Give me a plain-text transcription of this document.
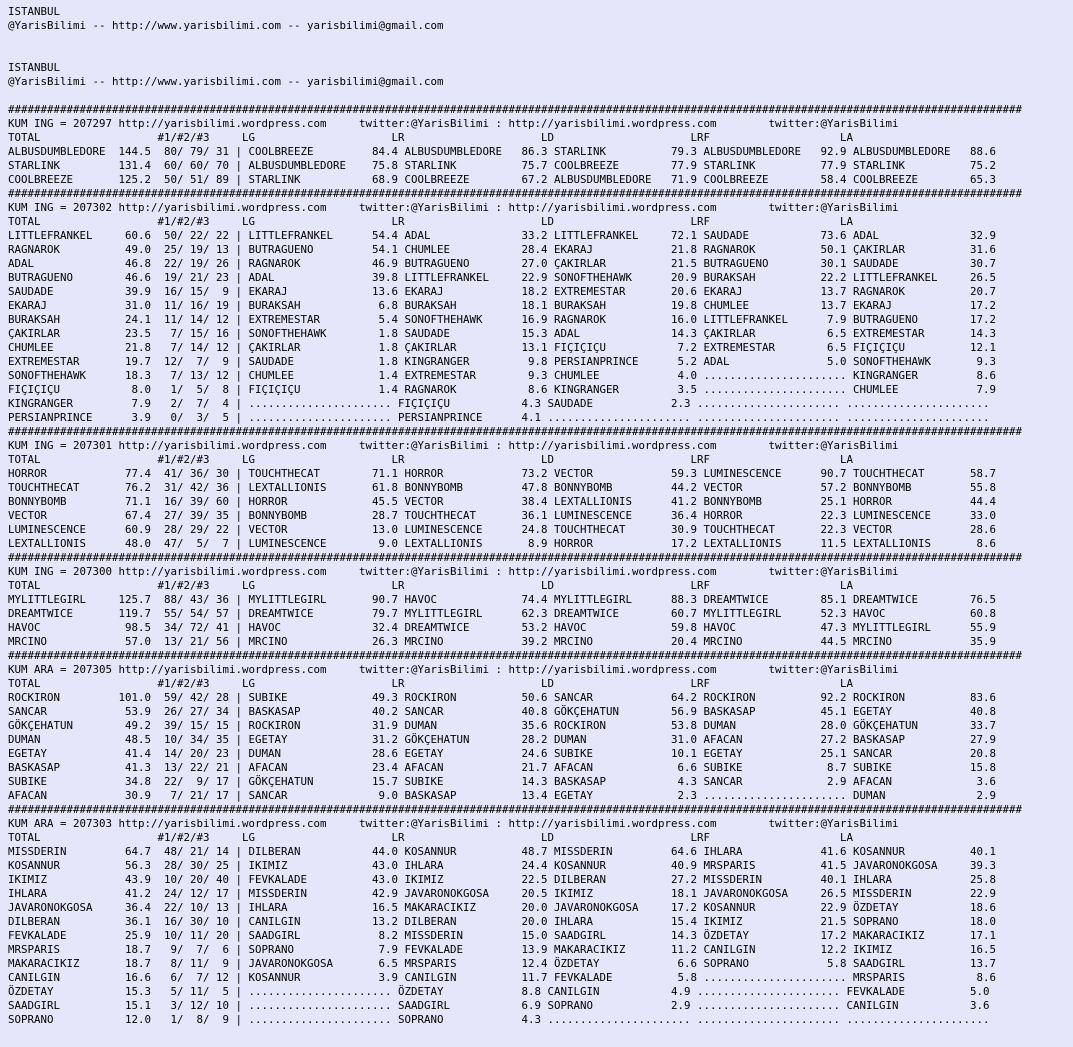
ISTANBUL
@YarisBilimi -- http://www.yarisbilimi.com -- yarisbilimi@gmail.com
ISTANBUL
@YarisBilimi -- http://www.yarisbilimi.com -- yarisbilimi@gmail.com
############################################################################################################################################################
KUM ING = 207297 http://yarisbilimi.wordpress.com     twitter:@YarisBilimi : http://yarisbilimi.wordpress.com        twitter:@YarisBilimi
TOTAL                  #1/#2/#3     LG                     LR                     LD                     LRF                    LA
ALBUSDUMBLEDORE  144.5  80/ 79/ 31 | COOLBREEZE         84.4 ALBUSDUMBLEDORE   86.3 STARLINK          79.3 ALBUSDUMBLEDORE   92.9 ALBUSDUMBLEDORE   88.6
STARLINK         131.4  60/ 60/ 70 | ALBUSDUMBLEDORE    75.8 STARLINK          75.7 COOLBREEZE        77.9 STARLINK          77.9 STARLINK          75.2
COOLBREEZE       125.2  50/ 51/ 89 | STARLINK           68.9 COOLBREEZE        67.2 ALBUSDUMBLEDORE   71.9 COOLBREEZE        58.4 COOLBREEZE        65.3
############################################################################################################################################################
KUM ING = 207302 http://yarisbilimi.wordpress.com     twitter:@YarisBilimi : http://yarisbilimi.wordpress.com        twitter:@YarisBilimi
TOTAL                  #1/#2/#3     LG                     LR                     LD                     LRF                    LA
LITTLEFRANKEL     60.6  50/ 22/ 22 | LITTLEFRANKEL      54.4 ADAL              33.2 LITTLEFRANKEL     72.1 SAUDADE           73.6 ADAL              32.9
RAGNAROK          49.0  25/ 19/ 13 | BUTRAGUENO         54.1 CHUMLEE           28.4 EKARAJ            21.8 RAGNAROK          50.1 ÇAKIRLAR          31.6
ADAL              46.8  22/ 19/ 26 | RAGNAROK           46.9 BUTRAGUENO        27.0 ÇAKIRLAR          21.5 BUTRAGUENO        30.1 SAUDADE           30.7
BUTRAGUENO        46.6  19/ 21/ 23 | ADAL               39.8 LITTLEFRANKEL     22.9 SONOFTHEHAWK      20.9 BURAKSAH          22.2 LITTLEFRANKEL     26.5
SAUDADE           39.9  16/ 15/  9 | EKARAJ             13.6 EKARAJ            18.2 EXTREMESTAR       20.6 EKARAJ            13.7 RAGNAROK          20.7
EKARAJ            31.0  11/ 16/ 19 | BURAKSAH            6.8 BURAKSAH          18.1 BURAKSAH          19.8 CHUMLEE           13.7 EKARAJ            17.2
BURAKSAH          24.1  11/ 14/ 12 | EXTREMESTAR         5.4 SONOFTHEHAWK      16.9 RAGNAROK          16.0 LITTLEFRANKEL      7.9 BUTRAGUENO        17.2
ÇAKIRLAR          23.5   7/ 15/ 16 | SONOFTHEHAWK        1.8 SAUDADE           15.3 ADAL              14.3 ÇAKIRLAR           6.5 EXTREMESTAR       14.3
CHUMLEE           21.8   7/ 14/ 12 | ÇAKIRLAR            1.8 ÇAKIRLAR          13.1 FIÇIÇIÇU           7.2 EXTREMESTAR        6.5 FIÇIÇIÇU          12.1
EXTREMESTAR       19.7  12/  7/  9 | SAUDADE             1.8 KINGRANGER         9.8 PERSIANPRINCE      5.2 ADAL               5.0 SONOFTHEHAWK       9.3
SONOFTHEHAWK      18.3   7/ 13/ 12 | CHUMLEE             1.4 EXTREMESTAR        9.3 CHUMLEE            4.0 ...................... KINGRANGER         8.6
FIÇIÇIÇU           8.0   1/  5/  8 | FIÇIÇIÇU            1.4 RAGNAROK           8.6 KINGRANGER         3.5 ...................... CHUMLEE            7.9
KINGRANGER         7.9   2/  7/  4 | ...................... FIÇIÇIÇU           4.3 SAUDADE            2.3 ...................... ......................
PERSIANPRINCE      3.9   0/  3/  5 | ...................... PERSIANPRINCE      4.1 ...................... ...................... ......................
############################################################################################################################################################
KUM ING = 207301 http://yarisbilimi.wordpress.com     twitter:@YarisBilimi : http://yarisbilimi.wordpress.com        twitter:@YarisBilimi
TOTAL                  #1/#2/#3     LG                     LR                     LD                     LRF                    LA
HORROR            77.4  41/ 36/ 30 | TOUCHTHECAT        71.1 HORROR            73.2 VECTOR            59.3 LUMINESCENCE      90.7 TOUCHTHECAT       58.7
TOUCHTHECAT       76.2  31/ 42/ 36 | LEXTALLIONIS       61.8 BONNYBOMB         47.8 BONNYBOMB         44.2 VECTOR            57.2 BONNYBOMB         55.8
BONNYBOMB         71.1  16/ 39/ 60 | HORROR             45.5 VECTOR            38.4 LEXTALLIONIS      41.2 BONNYBOMB         25.1 HORROR            44.4
VECTOR            67.4  27/ 39/ 35 | BONNYBOMB          28.7 TOUCHTHECAT       36.1 LUMINESCENCE      36.4 HORROR            22.3 LUMINESCENCE      33.0
LUMINESCENCE      60.9  28/ 29/ 22 | VECTOR             13.0 LUMINESCENCE      24.8 TOUCHTHECAT       30.9 TOUCHTHECAT       22.3 VECTOR            28.6
LEXTALLIONIS      48.0  47/  5/  7 | LUMINESCENCE        9.0 LEXTALLIONIS       8.9 HORROR            17.2 LEXTALLIONIS      11.5 LEXTALLIONIS       8.6
############################################################################################################################################################
KUM ING = 207300 http://yarisbilimi.wordpress.com     twitter:@YarisBilimi : http://yarisbilimi.wordpress.com        twitter:@YarisBilimi
TOTAL                  #1/#2/#3     LG                     LR                     LD                     LRF                    LA
MYLITTLEGIRL     125.7  88/ 43/ 36 | MYLITTLEGIRL       90.7 HAVOC             74.4 MYLITTLEGIRL      88.3 DREAMTWICE        85.1 DREAMTWICE        76.5
DREAMTWICE       119.7  55/ 54/ 57 | DREAMTWICE         79.7 MYLITTLEGIRL      62.3 DREAMTWICE        60.7 MYLITTLEGIRL      52.3 HAVOC             60.8
HAVOC             98.5  34/ 72/ 41 | HAVOC              32.4 DREAMTWICE        53.2 HAVOC             59.8 HAVOC             47.3 MYLITTLEGIRL      55.9
MRCINO            57.0  13/ 21/ 56 | MRCINO             26.3 MRCINO            39.2 MRCINO            20.4 MRCINO            44.5 MRCINO            35.9
############################################################################################################################################################
KUM ARA = 207305 http://yarisbilimi.wordpress.com     twitter:@YarisBilimi : http://yarisbilimi.wordpress.com        twitter:@YarisBilimi
TOTAL                  #1/#2/#3     LG                     LR                     LD                     LRF                    LA
ROCKIRON         101.0  59/ 42/ 28 | SUBIKE             49.3 ROCKIRON          50.6 SANCAR            64.2 ROCKIRON          92.2 ROCKIRON          83.6
SANCAR            53.9  26/ 27/ 34 | BASKASAP           40.2 SANCAR            40.8 GÖKÇEHATUN        56.9 BASKASAP          45.1 EGETAY            40.8
GÖKÇEHATUN        49.2  39/ 15/ 15 | ROCKIRON           31.9 DUMAN             35.6 ROCKIRON          53.8 DUMAN             28.0 GÖKÇEHATUN        33.7
DUMAN             48.5  10/ 34/ 35 | EGETAY             31.2 GÖKÇEHATUN        28.2 DUMAN             31.0 AFACAN            27.2 BASKASAP          27.9
EGETAY            41.4  14/ 20/ 23 | DUMAN              28.6 EGETAY            24.6 SUBIKE            10.1 EGETAY            25.1 SANCAR            20.8
BASKASAP          41.3  13/ 22/ 21 | AFACAN             23.4 AFACAN            21.7 AFACAN             6.6 SUBIKE             8.7 SUBIKE            15.8
SUBIKE            34.8  22/  9/ 17 | GÖKÇEHATUN         15.7 SUBIKE            14.3 BASKASAP           4.3 SANCAR             2.9 AFACAN             3.6
AFACAN            30.9   7/ 21/ 17 | SANCAR              9.0 BASKASAP          13.4 EGETAY             2.3 ...................... DUMAN              2.9
############################################################################################################################################################
KUM ARA = 207303 http://yarisbilimi.wordpress.com     twitter:@YarisBilimi : http://yarisbilimi.wordpress.com        twitter:@YarisBilimi
TOTAL                  #1/#2/#3     LG                     LR                     LD                     LRF                    LA
MISSDERIN         64.7  48/ 21/ 14 | DILBERAN           44.0 KOSANNUR          48.7 MISSDERIN         64.6 IHLARA            41.6 KOSANNUR          40.1
KOSANNUR          56.3  28/ 30/ 25 | IKIMIZ             43.0 IHLARA            24.4 KOSANNUR          40.9 MRSPARIS          41.5 JAVARONOKGOSA     39.3
IKIMIZ            43.9  10/ 20/ 40 | FEVKALADE          43.0 IKIMIZ            22.5 DILBERAN          27.2 MISSDERIN         40.1 IHLARA            25.8
IHLARA            41.2  24/ 12/ 17 | MISSDERIN          42.9 JAVARONOKGOSA     20.5 IKIMIZ            18.1 JAVARONOKGOSA     26.5 MISSDERIN         22.9
JAVARONOKGOSA     36.4  22/ 10/ 13 | IHLARA             16.5 MAKARACIKIZ       20.0 JAVARONOKGOSA     17.2 KOSANNUR          22.9 ÖZDETAY           18.6
DILBERAN          36.1  16/ 30/ 10 | CANILGIN           13.2 DILBERAN          20.0 IHLARA            15.4 IKIMIZ            21.5 SOPRANO           18.0
FEVKALADE         25.9  10/ 11/ 20 | SAADGIRL            8.2 MISSDERIN         15.0 SAADGIRL          14.3 ÖZDETAY           17.2 MAKARACIKIZ       17.1
MRSPARIS          18.7   9/  7/  6 | SOPRANO             7.9 FEVKALADE         13.9 MAKARACIKIZ       11.2 CANILGIN          12.2 IKIMIZ            16.5
MAKARACIKIZ       18.7   8/ 11/  9 | JAVARONOKGOSA       6.5 MRSPARIS          12.4 ÖZDETAY            6.6 SOPRANO            5.8 SAADGIRL          13.7
CANILGIN          16.6   6/  7/ 12 | KOSANNUR            3.9 CANILGIN          11.7 FEVKALADE          5.8 ...................... MRSPARIS           8.6
ÖZDETAY           15.3   5/ 11/  5 | ...................... ÖZDETAY            8.8 CANILGIN           4.9 ...................... FEVKALADE          5.0
SAADGIRL          15.1   3/ 12/ 10 | ...................... SAADGIRL           6.9 SOPRANO            2.9 ...................... CANILGIN           3.6
SOPRANO           12.0   1/  8/  9 | ...................... SOPRANO            4.3 ...................... ...................... ......................
